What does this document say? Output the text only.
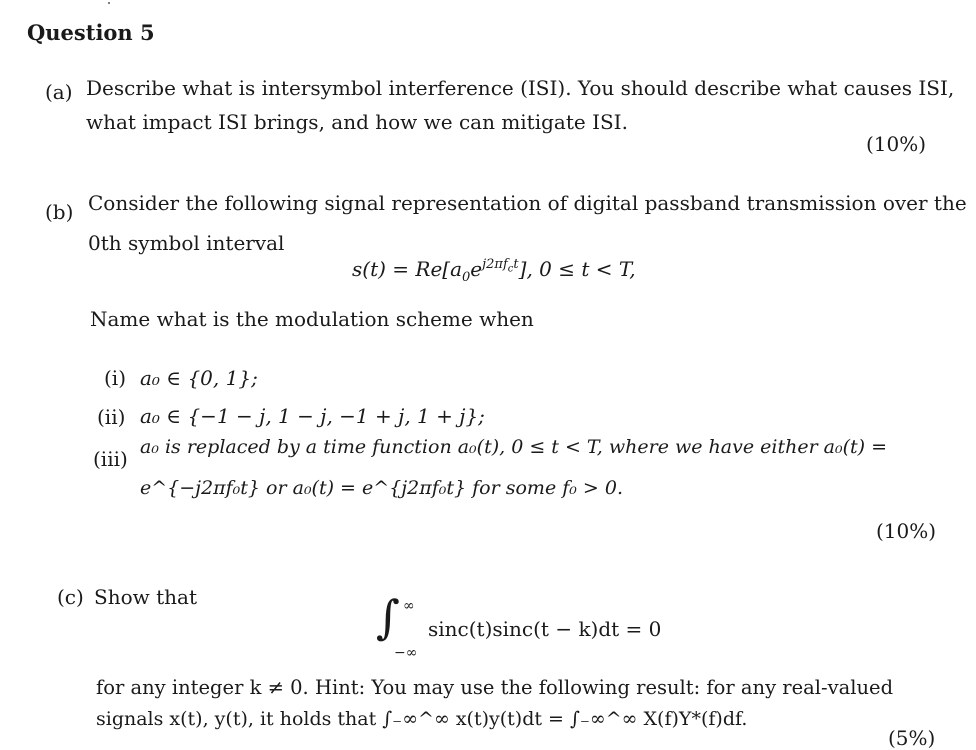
Question 5
(a) Describe what is intersymbol interference (ISI). You should describe what causes ISI,
what impact ISI brings, and how we can mitigate ISI.
(10%)
(b) Consider the following signal representation of digital passband transmission over the
0th symbol interval
$s(t) = Re[a_0e^{j2\pi f_ct}]$, 0 ≤ t < T,
Name what is the modulation scheme when
(i) a₀ ∈ {0, 1};
(ii) a₀ ∈ {−1 − j, 1 − j, −1 + j, 1 + j};
(iii) a₀ is replaced by a time function a₀(t), 0 ≤ t < T, where we have either a₀(t) =
e^{−j2πf₀t} or a₀(t) = e^{j2πf₀t} for some f₀ > 0.
(10%)
(c) Show that	∫ ∞
−∞
sinc(t)sinc(t − k)dt = 0
for any integer k ≠ 0. Hint: You may use the following result: for any real-valued
signals x(t), y(t), it holds that ∫₋∞^∞ x(t)y(t)dt = ∫₋∞^∞ X(f)Y*(f)df.
(5%)
